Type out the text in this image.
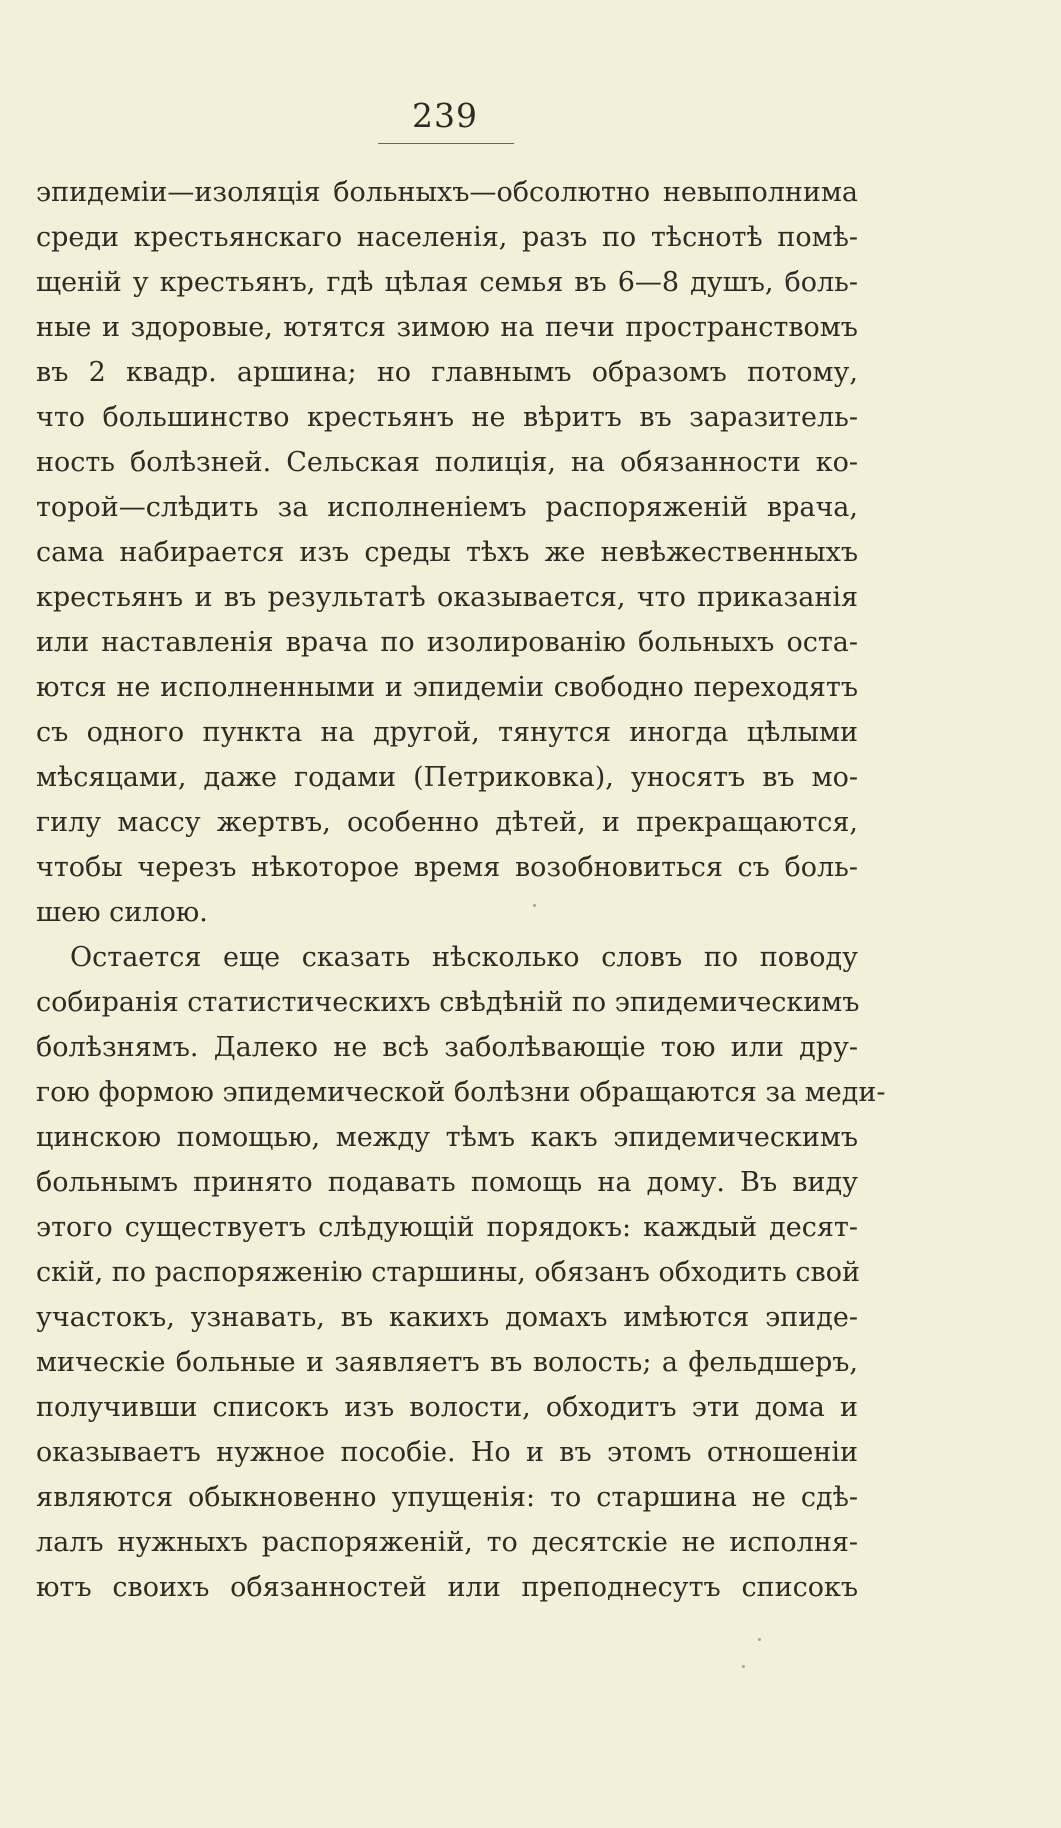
239
эпидеміи—изоляція больныхъ—обсолютно невыполнима
среди крестьянскаго населенія, разъ по тѣснотѣ помѣ-
щеній у крестьянъ, гдѣ цѣлая семья въ 6—8 душъ, боль-
ные и здоровые, ютятся зимою на печи пространствомъ
въ 2 квадр. аршина; но главнымъ образомъ потому,
что большинство крестьянъ не вѣритъ въ заразитель-
ность болѣзней. Сельская полиція, на обязанности ко-
торой—слѣдить за исполненіемъ распоряженій врача,
сама набирается изъ среды тѣхъ же невѣжественныхъ
крестьянъ и въ результатѣ оказывается, что приказанія
или наставленія врача по изолированію больныхъ оста-
ются не исполненными и эпидеміи свободно переходятъ
съ одного пункта на другой, тянутся иногда цѣлыми
мѣсяцами, даже годами (Петриковка), уносятъ въ мо-
гилу массу жертвъ, особенно дѣтей, и прекращаются,
чтобы черезъ нѣкоторое время возобновиться съ боль-
шею силою.
Остается еще сказать нѣсколько словъ по поводу
собиранія статистическихъ свѣдѣній по эпидемическимъ
болѣзнямъ. Далеко не всѣ заболѣвающіе тою или дру-
гою формою эпидемической болѣзни обращаются за меди-
цинскою помощью, между тѣмъ какъ эпидемическимъ
больнымъ принято подавать помощь на дому. Въ виду
этого существуетъ слѣдующій порядокъ: каждый десят-
скій, по распоряженію старшины, обязанъ обходить свой
участокъ, узнавать, въ какихъ домахъ имѣются эпиде-
мическіе больные и заявляетъ въ волость; а фельдшеръ,
получивши списокъ изъ волости, обходитъ эти дома и
оказываетъ нужное пособіе. Но и въ этомъ отношеніи
являются обыкновенно упущенія: то старшина не сдѣ-
лалъ нужныхъ распоряженій, то десятскіе не исполня-
ютъ своихъ обязанностей или преподнесутъ списокъ
